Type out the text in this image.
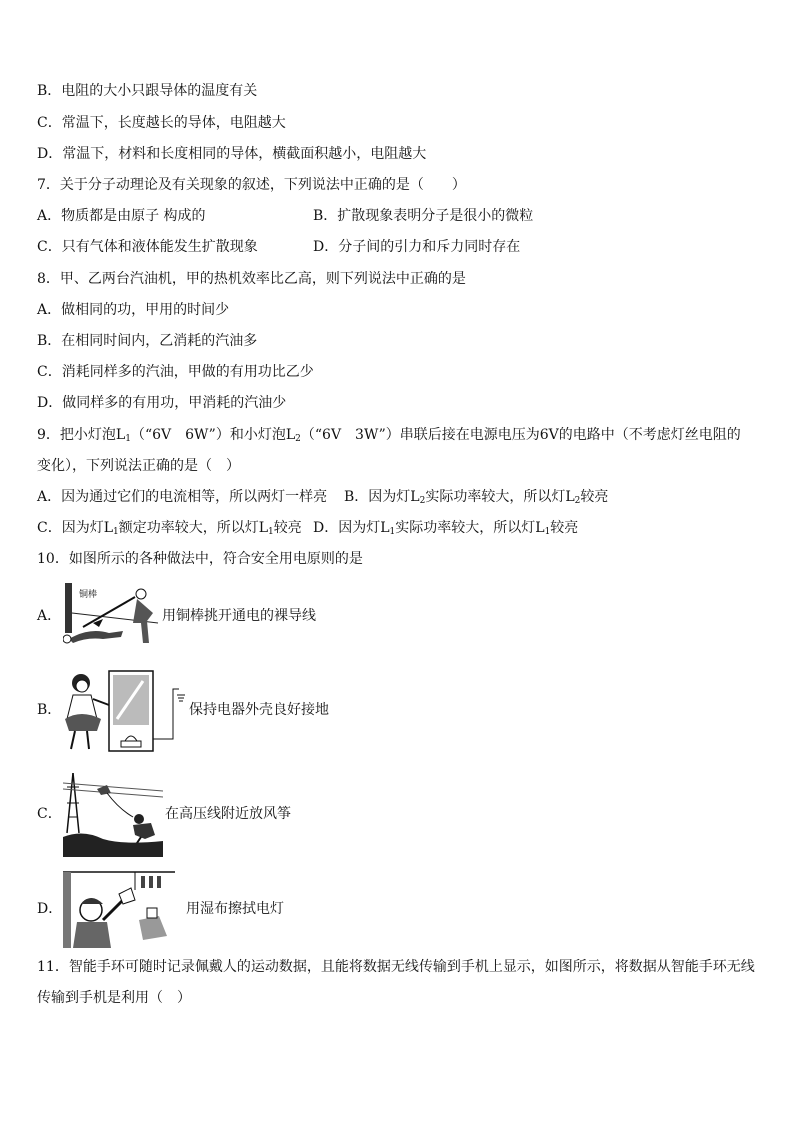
B．电阻的大小只跟导体的温度有关
C．常温下，长度越长的导体，电阻越大
D．常温下，材料和长度相同的导体，横截面积越小，电阻越大
7．关于分子动理论及有关现象的叙述，下列说法中正确的是（　　）
A．物质都是由原子 构成的	B．扩散现象表明分子是很小的微粒
C．只有气体和液体能发生扩散现象	D．分子间的引力和斥力同时存在
8．甲、乙两台汽油机，甲的热机效率比乙高，则下列说法中正确的是
A．做相同的功，甲用的时间少
B．在相同时间内，乙消耗的汽油多
C．消耗同样多的汽油，甲做的有用功比乙少
D．做同样多的有用功，甲消耗的汽油少
9．把小灯泡$L_1(“6V$　6W”）和小灯泡$L_2(“6V$　3W”）串联后接在电源电压为6V的电路中（不考虑灯丝电阻的
变化），下列说法正确的是（　）
A．因为通过它们的电流相等，所以两灯一样亮 B．因为灯$L_2$实际功率较大，所以灯$L_2$较亮
C．因为灯$L_1$额定功率较大，所以灯$L_1$较亮 D．因为灯$L_1$实际功率较大，所以灯$L_1$较亮
10．如图所示的各种做法中，符合安全用电原则的是
A．
铜棒
用铜棒挑开通电的裸导线
B．	保持电器外壳良好接地
C．	在高压线附近放风筝
D．	用湿布擦拭电灯
11．智能手环可随时记录佩戴人的运动数据，且能将数据无线传输到手机上显示，如图所示，将数据从智能手环无线
传输到手机是利用（　）
